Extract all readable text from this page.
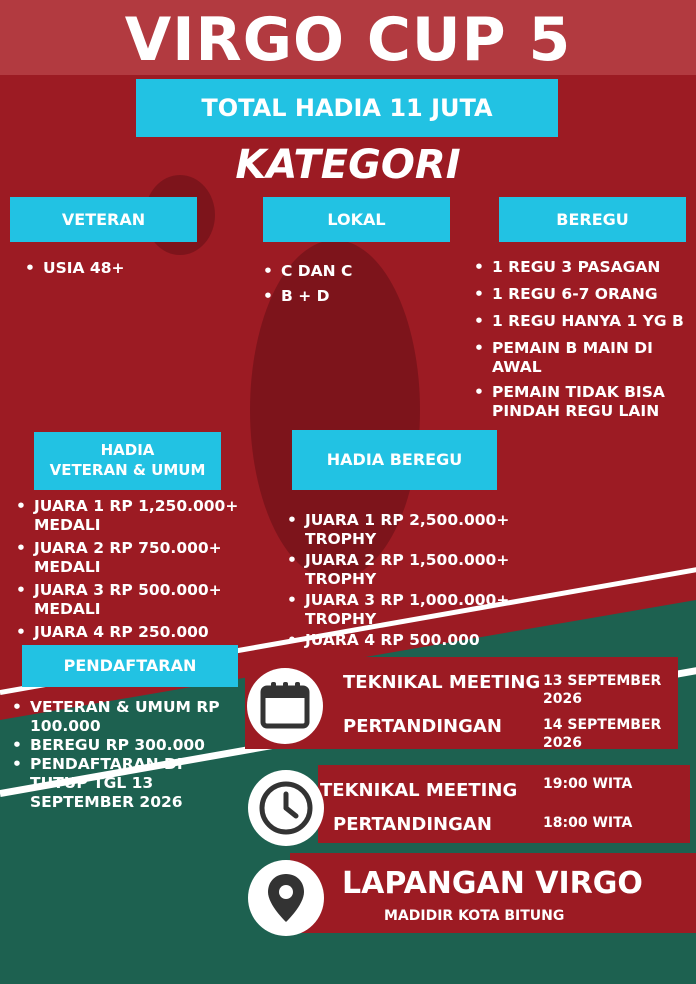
VIRGO CUP 5
TOTAL HADIA 11 JUTA
KATEGORI
VETERAN	LOKAL	BEREGU
• USIA 48+
•	C DAN C
• B + D
• 1 REGU 3 PASAGAN
• 1 REGU 6-7 ORANG
• 1 REGU HANYA 1 YG B
• PEMAIN B MAIN DI AWAL
• PEMAIN TIDAK BISA PINDAH REGU LAIN
HADIA
VETERAN & UMUM
• JUARA 1 RP 1,250.000+ MEDALI
• JUARA 2 RP 750.000+ MEDALI
• JUARA 3 RP 500.000+ MEDALI
• JUARA 4 RP 250.000
HADIA BEREGU
• JUARA 1 RP 2,500.000+ TROPHY
• JUARA 2 RP 1,500.000+ TROPHY
• JUARA 3 RP 1,000.000+ TROPHY
• JUARA 4 RP 500.000
PENDAFTARAN
• VETERAN & UMUM RP 100.000
• BEREGU RP 300.000
• PENDAFTARAN DI TUTUP TGL 13 SEPTEMBER 2026
TEKNIKAL MEETING 13 SEPTEMBER 2026
PERTANDINGAN	14 SEPTEMBER 2026
TEKNIKAL MEETING 19:00 WITA
PERTANDINGAN	18:00 WITA
LAPANGAN VIRGO
MADIDIR KOTA BITUNG
